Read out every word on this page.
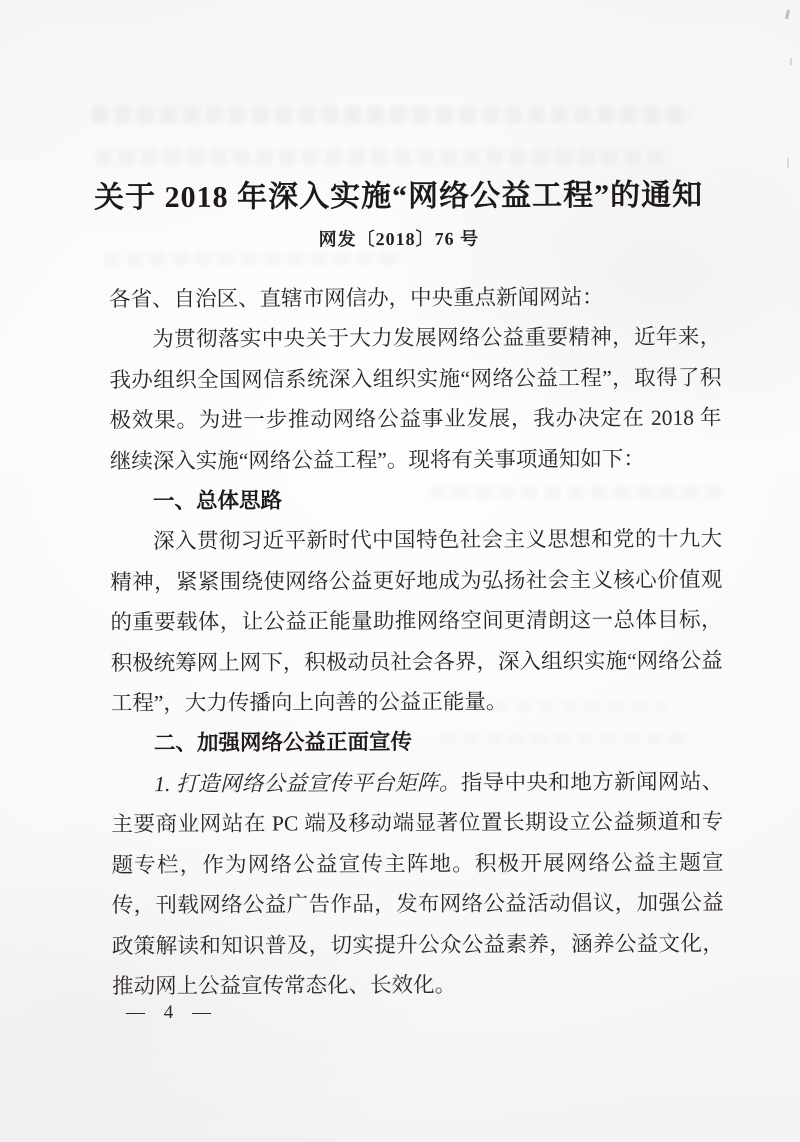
关于 2018 年深入实施“网络公益工程”的通知
网发〔2018〕76 号

各省、自治区、直辖市网信办，中央重点新闻网站：

为贯彻落实中央关于大力发展网络公益重要精神，近年来，我办组织全国网信系统深入组织实施“网络公益工程”，取得了积极效果。为进一步推动网络公益事业发展，我办决定在 2018 年继续深入实施“网络公益工程”。现将有关事项通知如下：

一、总体思路

深入贯彻习近平新时代中国特色社会主义思想和党的十九大精神，紧紧围绕使网络公益更好地成为弘扬社会主义核心价值观的重要载体，让公益正能量助推网络空间更清朗这一总体目标，积极统筹网上网下，积极动员社会各界，深入组织实施“网络公益工程”，大力传播向上向善的公益正能量。

二、加强网络公益正面宣传

1. 打造网络公益宣传平台矩阵。指导中央和地方新闻网站、主要商业网站在 PC 端及移动端显著位置长期设立公益频道和专题专栏，作为网络公益宣传主阵地。积极开展网络公益主题宣传，刊载网络公益广告作品，发布网络公益活动倡议，加强公益政策解读和知识普及，切实提升公众公益素养，涵养公益文化，推动网上公益宣传常态化、长效化。

— 4 —
